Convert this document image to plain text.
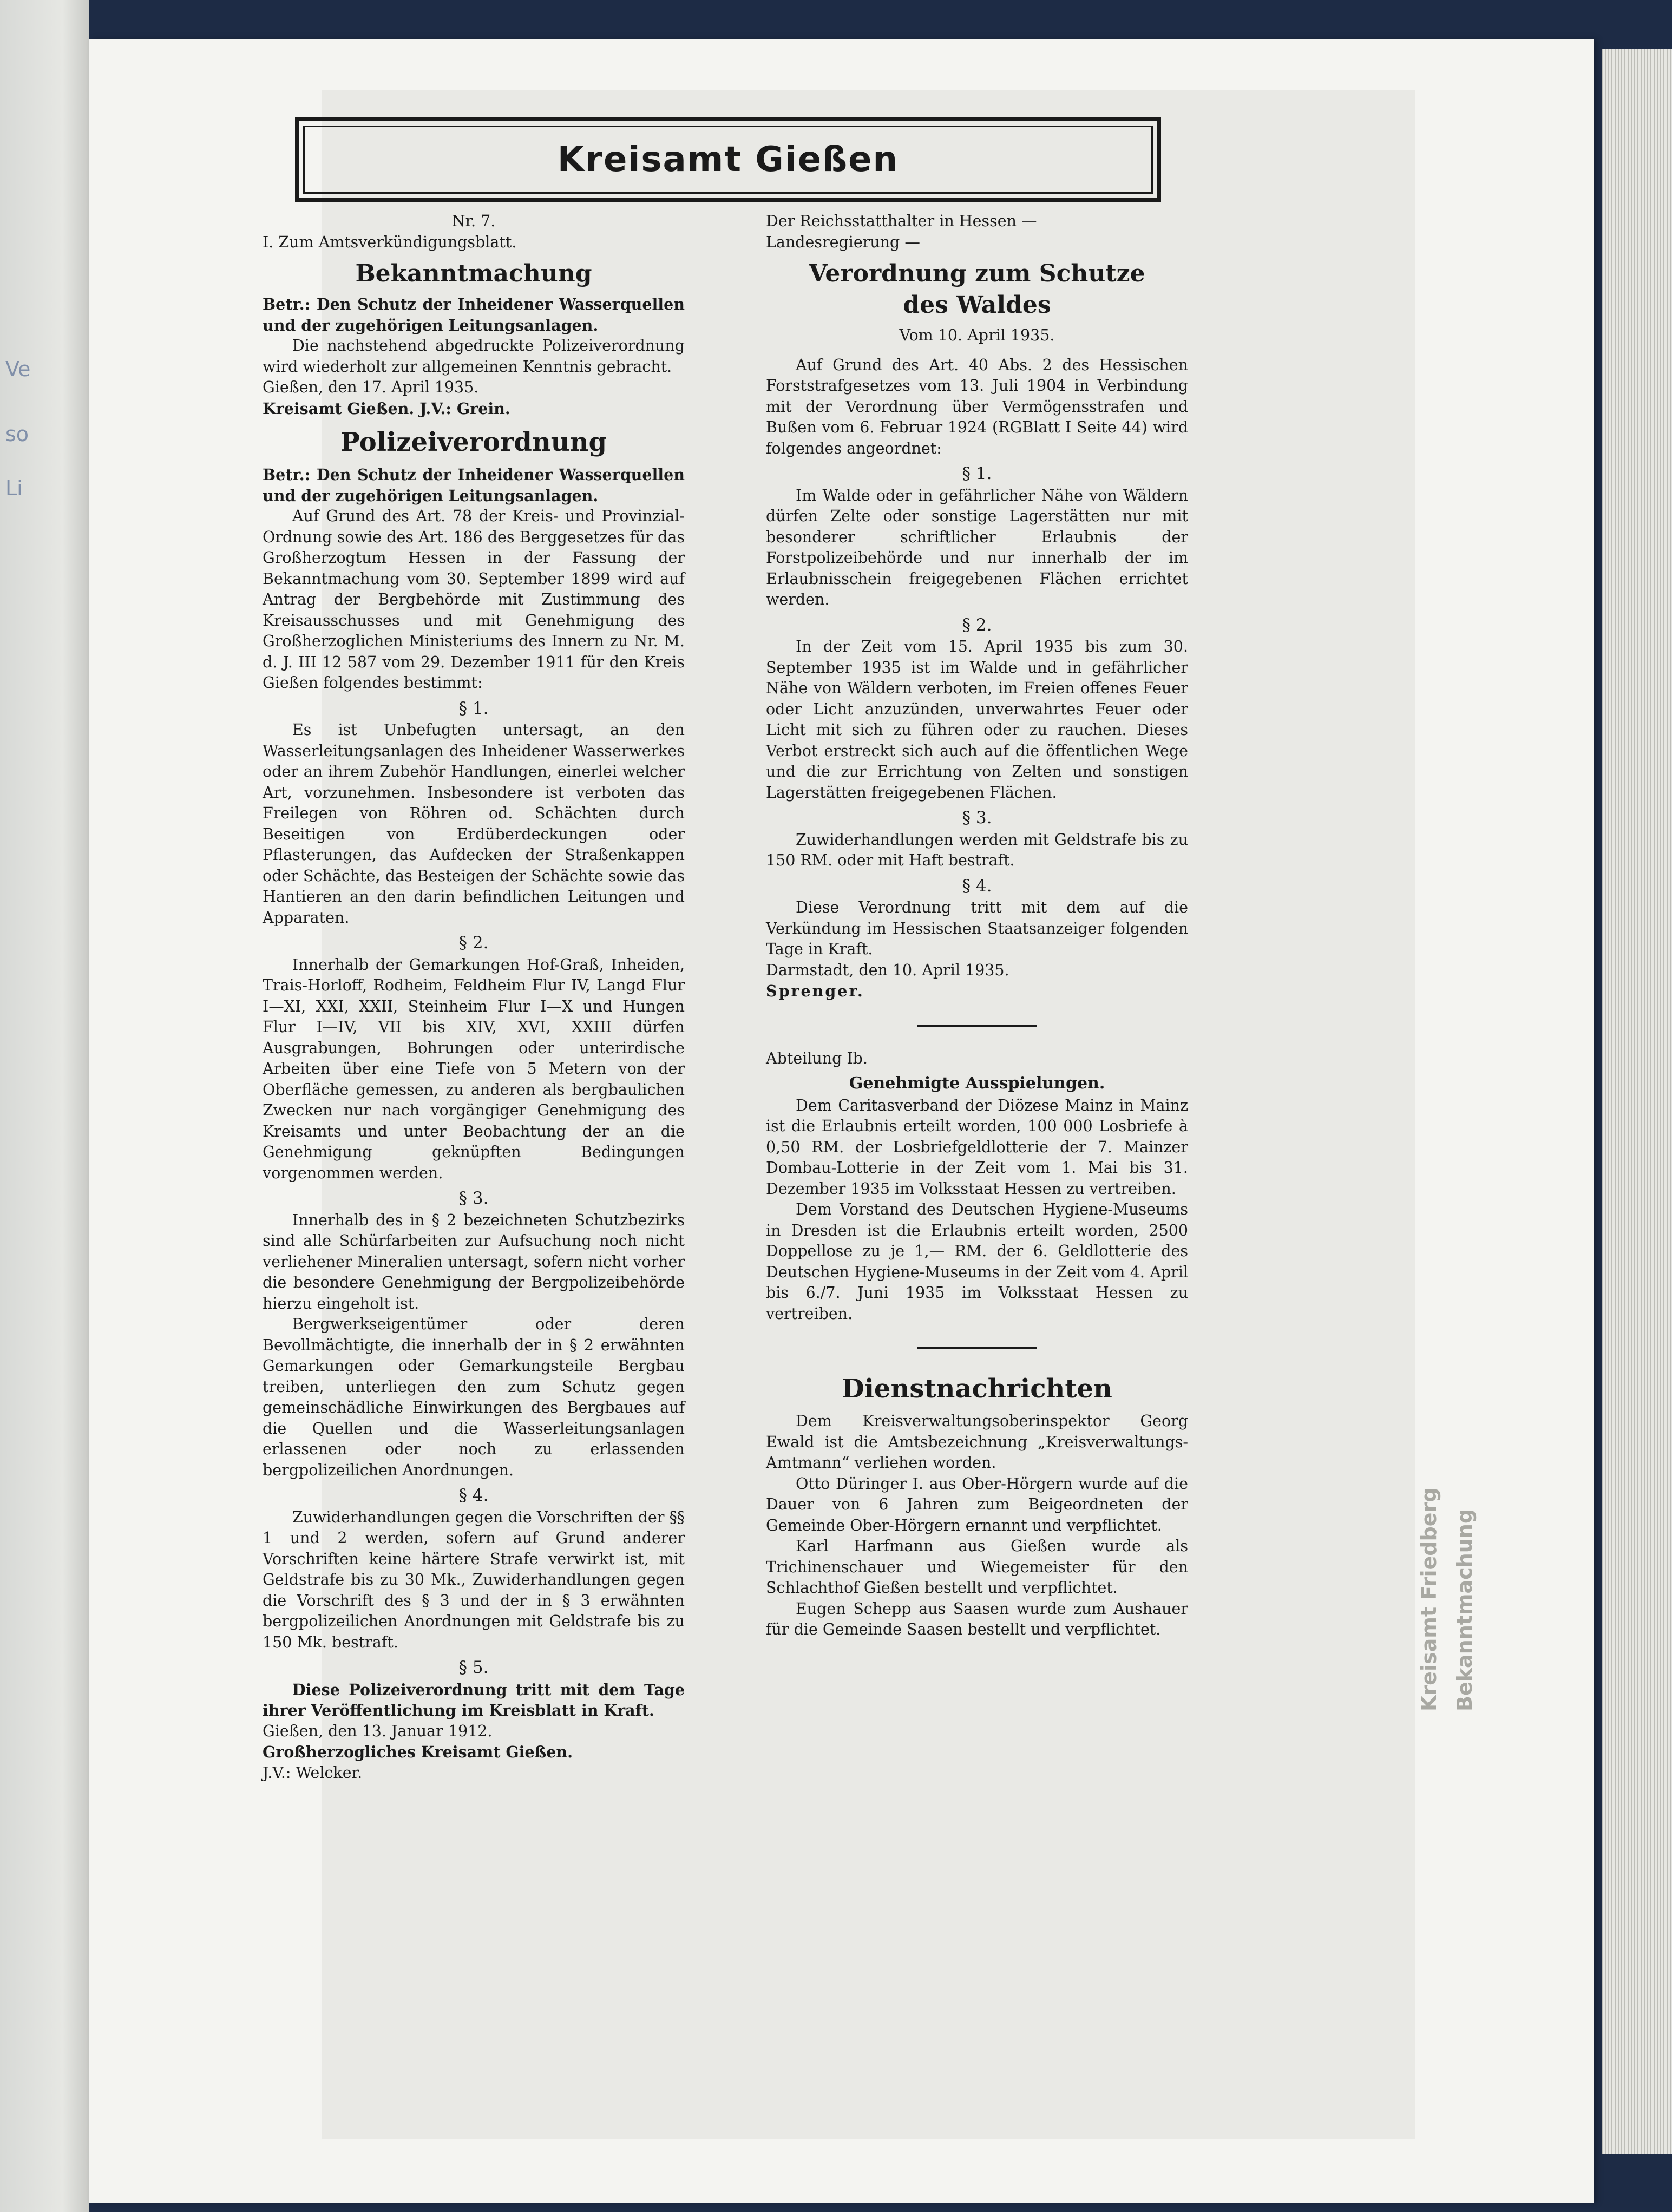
Ve
so
Li
Kreisamt Friedberg Bekanntmachung
Kreisamt Gießen

Nr. 7.

I. Zum Amtsverkündigungsblatt.

Bekanntmachung

Betr.: Den Schutz der Inheidener Wasserquellen und der zugehörigen Leitungsanlagen.

Die nachstehend abgedruckte Polizeiverordnung wird wiederholt zur allgemeinen Kenntnis gebracht.

Gießen, den 17. April 1935.

Kreisamt Gießen. J.V.: Grein.

Polizeiverordnung

Betr.: Den Schutz der Inheidener Wasserquellen und der zugehörigen Leitungsanlagen.

Auf Grund des Art. 78 der Kreis- und Provinzial-Ordnung sowie des Art. 186 des Berggesetzes für das Großherzogtum Hessen in der Fassung der Bekanntmachung vom 30. September 1899 wird auf Antrag der Bergbehörde mit Zustimmung des Kreisausschusses und mit Genehmigung des Großherzoglichen Ministeriums des Innern zu Nr. M. d. J. III 12 587 vom 29. Dezember 1911 für den Kreis Gießen folgendes bestimmt:

§ 1.

Es ist Unbefugten untersagt, an den Wasserleitungsanlagen des Inheidener Wasserwerkes oder an ihrem Zubehör Handlungen, einerlei welcher Art, vorzunehmen. Insbesondere ist verboten das Freilegen von Röhren od. Schächten durch Beseitigen von Erdüberdeckungen oder Pflasterungen, das Aufdecken der Straßenkappen oder Schächte, das Besteigen der Schächte sowie das Hantieren an den darin befindlichen Leitungen und Apparaten.

§ 2.

Innerhalb der Gemarkungen Hof-Graß, Inheiden, Trais-Horloff, Rodheim, Feldheim Flur IV, Langd Flur I—XI, XXI, XXII, Steinheim Flur I—X und Hungen Flur I—IV, VII bis XIV, XVI, XXIII dürfen Ausgrabungen, Bohrungen oder unterirdische Arbeiten über eine Tiefe von 5 Metern von der Oberfläche gemessen, zu anderen als bergbaulichen Zwecken nur nach vorgängiger Genehmigung des Kreisamts und unter Beobachtung der an die Genehmigung geknüpften Bedingungen vorgenommen werden.

§ 3.

Innerhalb des in § 2 bezeichneten Schutzbezirks sind alle Schürfarbeiten zur Aufsuchung noch nicht verliehener Mineralien untersagt, sofern nicht vorher die besondere Genehmigung der Bergpolizeibehörde hierzu eingeholt ist.

Bergwerkseigentümer oder deren Bevollmächtigte, die innerhalb der in § 2 erwähnten Gemarkungen oder Gemarkungsteile Bergbau treiben, unterliegen den zum Schutz gegen gemeinschädliche Einwirkungen des Bergbaues auf die Quellen und die Wasserleitungsanlagen erlassenen oder noch zu erlassenden bergpolizeilichen Anordnungen.

§ 4.

Zuwiderhandlungen gegen die Vorschriften der §§ 1 und 2 werden, sofern auf Grund anderer Vorschriften keine härtere Strafe verwirkt ist, mit Geldstrafe bis zu 30 Mk., Zuwiderhandlungen gegen die Vorschrift des § 3 und der in § 3 erwähnten bergpolizeilichen Anordnungen mit Geldstrafe bis zu 150 Mk. bestraft.

§ 5.

Diese Polizeiverordnung tritt mit dem Tage ihrer Veröffentlichung im Kreisblatt in Kraft.

Gießen, den 13. Januar 1912.

Großherzogliches Kreisamt Gießen.

J.V.: Welcker.

Der Reichsstatthalter in Hessen —

Landesregierung —

Verordnung zum Schutze
des Waldes

Vom 10. April 1935.

Auf Grund des Art. 40 Abs. 2 des Hessischen Forststrafgesetzes vom 13. Juli 1904 in Verbindung mit der Verordnung über Vermögensstrafen und Bußen vom 6. Februar 1924 (RGBlatt I Seite 44) wird folgendes angeordnet:

§ 1.

Im Walde oder in gefährlicher Nähe von Wäldern dürfen Zelte oder sonstige Lagerstätten nur mit besonderer schriftlicher Erlaubnis der Forstpolizeibehörde und nur innerhalb der im Erlaubnisschein freigegebenen Flächen errichtet werden.

§ 2.

In der Zeit vom 15. April 1935 bis zum 30. September 1935 ist im Walde und in gefährlicher Nähe von Wäldern verboten, im Freien offenes Feuer oder Licht anzuzünden, unverwahrtes Feuer oder Licht mit sich zu führen oder zu rauchen. Dieses Verbot erstreckt sich auch auf die öffentlichen Wege und die zur Errichtung von Zelten und sonstigen Lagerstätten freigegebenen Flächen.

§ 3.

Zuwiderhandlungen werden mit Geldstrafe bis zu 150 RM. oder mit Haft bestraft.

§ 4.

Diese Verordnung tritt mit dem auf die Verkündung im Hessischen Staatsanzeiger folgenden Tage in Kraft.

Darmstadt, den 10. April 1935.

Sprenger.

Abteilung Ib.

Genehmigte Ausspielungen.

Dem Caritasverband der Diözese Mainz in Mainz ist die Erlaubnis erteilt worden, 100 000 Losbriefe à 0,50 RM. der Losbriefgeldlotterie der 7. Mainzer Dombau-Lotterie in der Zeit vom 1. Mai bis 31. Dezember 1935 im Volksstaat Hessen zu vertreiben.

Dem Vorstand des Deutschen Hygiene-Museums in Dresden ist die Erlaubnis erteilt worden, 2500 Doppellose zu je 1,— RM. der 6. Geldlotterie des Deutschen Hygiene-Museums in der Zeit vom 4. April bis 6./7. Juni 1935 im Volksstaat Hessen zu vertreiben.

Dienstnachrichten

Dem Kreisverwaltungsoberinspektor Georg Ewald ist die Amtsbezeichnung „Kreisverwaltungs-Amtmann“ verliehen worden.

Otto Düringer I. aus Ober-Hörgern wurde auf die Dauer von 6 Jahren zum Beigeordneten der Gemeinde Ober-Hörgern ernannt und verpflichtet.

Karl Harfmann aus Gießen wurde als Trichinenschauer und Wiegemeister für den Schlachthof Gießen bestellt und verpflichtet.

Eugen Schepp aus Saasen wurde zum Aushauer für die Gemeinde Saasen bestellt und verpflichtet.
